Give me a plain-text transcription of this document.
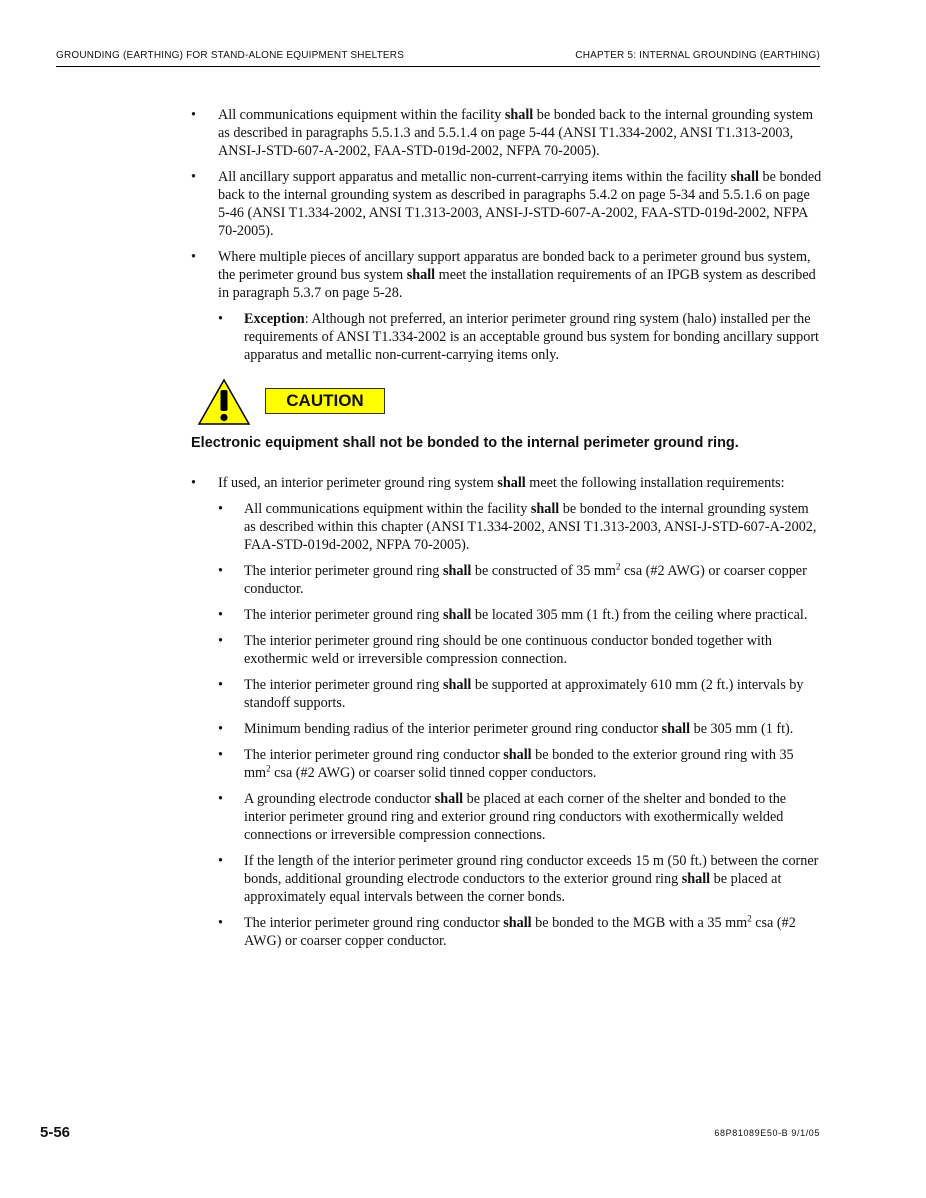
GROUNDING (EARTHING) FOR STAND-ALONE EQUIPMENT SHELTERS	CHAPTER 5: INTERNAL GROUNDING (EARTHING)
• All communications equipment within the facility shall be bonded back to the internal grounding system as described in paragraphs 5.5.1.3 and 5.5.1.4 on page 5-44 (ANSI T1.334-2002, ANSI T1.313-2003, ANSI-J-STD-607-A-2002, FAA-STD-019d-2002, NFPA 70-2005).
• All ancillary support apparatus and metallic non-current-carrying items within the facility shall be bonded back to the internal grounding system as described in paragraphs 5.4.2 on page 5-34 and 5.5.1.6 on page 5-46 (ANSI T1.334-2002, ANSI T1.313-2003, ANSI-J-STD-607-A-2002, FAA-STD-019d-2002, NFPA 70-2005).
• Where multiple pieces of ancillary support apparatus are bonded back to a perimeter ground bus system, the perimeter ground bus system shall meet the installation requirements of an IPGB system as described in paragraph 5.3.7 on page 5-28.
• Exception: Although not preferred, an interior perimeter ground ring system (halo) installed per the requirements of ANSI T1.334-2002 is an acceptable ground bus system for bonding ancillary support apparatus and metallic non-current-carrying items only.
CAUTION
Electronic equipment shall not be bonded to the internal perimeter ground ring.
• If used, an interior perimeter ground ring system shall meet the following installation requirements:
• All communications equipment within the facility shall be bonded to the internal grounding system as described within this chapter (ANSI T1.334-2002, ANSI T1.313-2003, ANSI-J-STD-607-A-2002, FAA-STD-019d-2002, NFPA 70-2005).
• The interior perimeter ground ring shall be constructed of 35 $mm^2$ csa (#2 AWG) or coarser copper conductor.
• The interior perimeter ground ring shall be located 305 mm (1 ft.) from the ceiling where practical.
• The interior perimeter ground ring should be one continuous conductor bonded together with exothermic weld or irreversible compression connection.
• The interior perimeter ground ring shall be supported at approximately 610 mm (2 ft.) intervals by standoff supports.
• Minimum bending radius of the interior perimeter ground ring conductor shall be 305 mm (1 ft).
• The interior perimeter ground ring conductor shall be bonded to the exterior ground ring with 35 $mm^2$ csa (#2 AWG) or coarser solid tinned copper conductors.
• A grounding electrode conductor shall be placed at each corner of the shelter and bonded to the interior perimeter ground ring and exterior ground ring conductors with exothermically welded connections or irreversible compression connections.
• If the length of the interior perimeter ground ring conductor exceeds 15 m (50 ft.) between the corner bonds, additional grounding electrode conductors to the exterior ground ring shall be placed at approximately equal intervals between the corner bonds.
• The interior perimeter ground ring conductor shall be bonded to the MGB with a 35 $mm^2$ csa (#2 AWG) or coarser copper conductor.
5-56	68P81089E50-B 9/1/05
